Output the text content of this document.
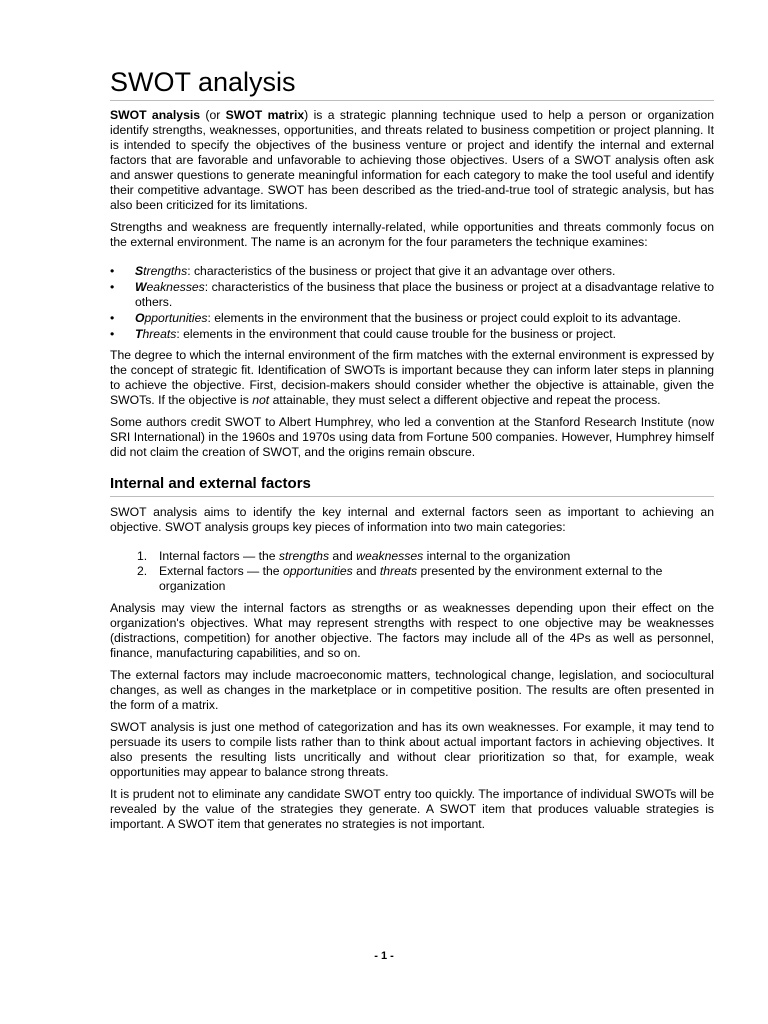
SWOT analysis

SWOT analysis (or SWOT matrix) is a strategic planning technique used to help a person or organization identify strengths, weaknesses, opportunities, and threats related to business competition or project planning. It is intended to specify the objectives of the business venture or project and identify the internal and external factors that are favorable and unfavorable to achieving those objectives. Users of a SWOT analysis often ask and answer questions to generate meaningful information for each category to make the tool useful and identify their competitive advantage. SWOT has been described as the tried-and-true tool of strategic analysis, but has also been criticized for its limitations.

Strengths and weakness are frequently internally-related, while opportunities and threats commonly focus on the external environment. The name is an acronym for the four parameters the technique examines:

• Strengths: characteristics of the business or project that give it an advantage over others.
• Weaknesses: characteristics of the business that place the business or project at a disadvantage relative to others.
• Opportunities: elements in the environment that the business or project could exploit to its advantage.
• Threats: elements in the environment that could cause trouble for the business or project.

The degree to which the internal environment of the firm matches with the external environment is expressed by the concept of strategic fit. Identification of SWOTs is important because they can inform later steps in planning to achieve the objective. First, decision-makers should consider whether the objective is attainable, given the SWOTs. If the objective is not attainable, they must select a different objective and repeat the process.

Some authors credit SWOT to Albert Humphrey, who led a convention at the Stanford Research Institute (now SRI International) in the 1960s and 1970s using data from Fortune 500 companies. However, Humphrey himself did not claim the creation of SWOT, and the origins remain obscure.

Internal and external factors

SWOT analysis aims to identify the key internal and external factors seen as important to achieving an objective. SWOT analysis groups key pieces of information into two main categories:

1. Internal factors — the strengths and weaknesses internal to the organization
2. External factors — the opportunities and threats presented by the environment external to the organization

Analysis may view the internal factors as strengths or as weaknesses depending upon their effect on the organization's objectives. What may represent strengths with respect to one objective may be weaknesses (distractions, competition) for another objective. The factors may include all of the 4Ps as well as personnel, finance, manufacturing capabilities, and so on.

The external factors may include macroeconomic matters, technological change, legislation, and sociocultural changes, as well as changes in the marketplace or in competitive position. The results are often presented in the form of a matrix.

SWOT analysis is just one method of categorization and has its own weaknesses. For example, it may tend to persuade its users to compile lists rather than to think about actual important factors in achieving objectives. It also presents the resulting lists uncritically and without clear prioritization so that, for example, weak opportunities may appear to balance strong threats.

It is prudent not to eliminate any candidate SWOT entry too quickly. The importance of individual SWOTs will be revealed by the value of the strategies they generate. A SWOT item that produces valuable strategies is important. A SWOT item that generates no strategies is not important.

- 1 -
